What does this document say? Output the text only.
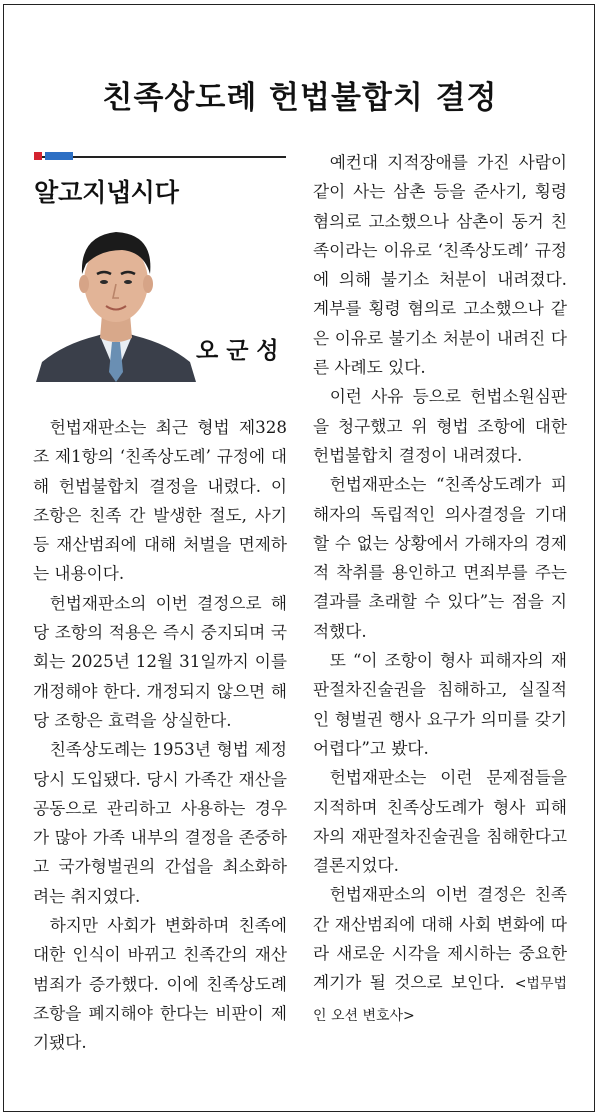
친족상도례 헌법불합치 결정
알고지냅시다
오군성

헌법재판소는 최근 형법 제328조 제1항의 ‘친족상도례’ 규정에 대해 헌법불합치 결정을 내렸다. 이 조항은 친족 간 발생한 절도, 사기 등 재산범죄에 대해 처벌을 면제하는 내용이다.

헌법재판소의 이번 결정으로 해당 조항의 적용은 즉시 중지되며 국회는 2025년 12월 31일까지 이를 개정해야 한다. 개정되지 않으면 해당 조항은 효력을 상실한다.

친족상도례는 1953년 형법 제정 당시 도입됐다. 당시 가족간 재산을 공동으로 관리하고 사용하는 경우가 많아 가족 내부의 결정을 존중하고 국가형벌권의 간섭을 최소화하려는 취지였다.

하지만 사회가 변화하며 친족에 대한 인식이 바뀌고 친족간의 재산범죄가 증가했다. 이에 친족상도례 조항을 폐지해야 한다는 비판이 제기됐다.

예컨대 지적장애를 가진 사람이 같이 사는 삼촌 등을 준사기, 횡령 혐의로 고소했으나 삼촌이 동거 친족이라는 이유로 ‘친족상도례’ 규정에 의해 불기소 처분이 내려졌다. 계부를 횡령 혐의로 고소했으나 같은 이유로 불기소 처분이 내려진 다른 사례도 있다.

이런 사유 등으로 헌법소원심판을 청구했고 위 형법 조항에 대한 헌법불합치 결정이 내려졌다.

헌법재판소는 “친족상도례가 피해자의 독립적인 의사결정을 기대할 수 없는 상황에서 가해자의 경제적 착취를 용인하고 면죄부를 주는 결과를 초래할 수 있다”는 점을 지적했다.

또 “이 조항이 형사 피해자의 재판절차진술권을 침해하고, 실질적인 형벌권 행사 요구가 의미를 갖기 어렵다”고 봤다.

헌법재판소는 이런 문제점들을 지적하며 친족상도례가 형사 피해자의 재판절차진술권을 침해한다고 결론지었다.

헌법재판소의 이번 결정은 친족간 재산범죄에 대해 사회 변화에 따라 새로운 시각을 제시하는 중요한 계기가 될 것으로 보인다. <법무법인 오션 변호사>
